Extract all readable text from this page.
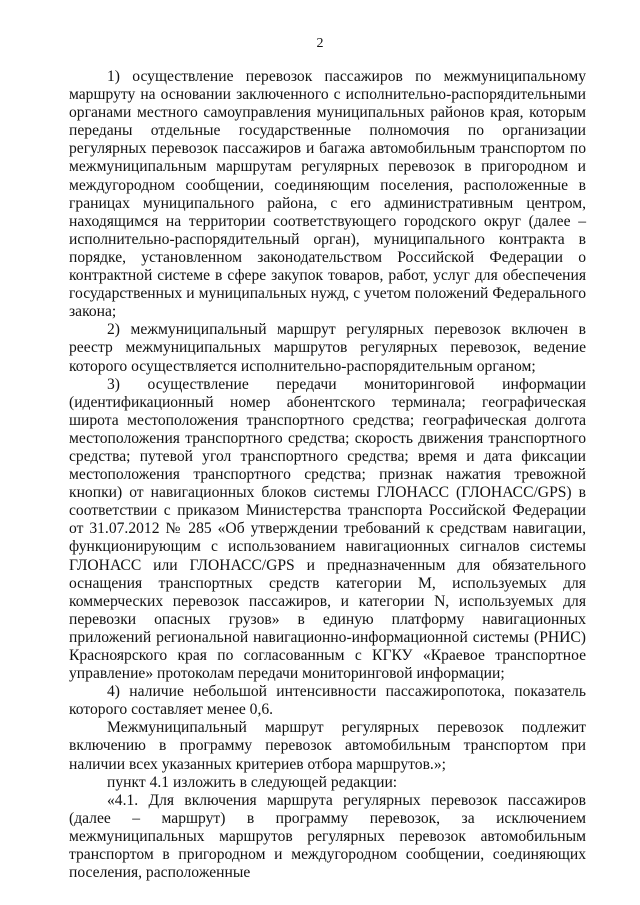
2

1) осуществление перевозок пассажиров по межмуниципальному маршруту на основании заключенного с исполнительно-распорядительными органами местного самоуправления муниципальных районов края, которым переданы отдельные государственные полномочия по организации регулярных перевозок пассажиров и багажа автомобильным транспортом по межмуниципальным маршрутам регулярных перевозок в пригородном и междугородном сообщении, соединяющим поселения, расположенные в границах муниципального района, с его административным центром, находящимся на территории соответствующего городского округ (далее – исполнительно-распорядительный орган), муниципального контракта в порядке, установленном законодательством Российской Федерации о контрактной системе в сфере закупок товаров, работ, услуг для обеспечения государственных и муниципальных нужд, с учетом положений Федерального закона;

2) межмуниципальный маршрут регулярных перевозок включен в реестр межмуниципальных маршрутов регулярных перевозок, ведение которого осуществляется исполнительно-распорядительным органом;

3) осуществление передачи мониторинговой информации (идентификационный номер абонентского терминала; географическая широта местоположения транспортного средства; географическая долгота местоположения транспортного средства; скорость движения транспортного средства; путевой угол транспортного средства; время и дата фиксации местоположения транспортного средства; признак нажатия тревожной кнопки) от навигационных блоков системы ГЛОНАСС (ГЛОНАСС/GPS) в соответствии с приказом Министерства транспорта Российской Федерации от 31.07.2012 № 285 «Об утверждении требований к средствам навигации, функционирующим с использованием навигационных сигналов системы ГЛОНАСС или ГЛОНАСС/GPS и предназначенным для обязательного оснащения транспортных средств категории М, используемых для коммерческих перевозок пассажиров, и категории N, используемых для перевозки опасных грузов» в единую платформу навигационных приложений региональной навигационно-информационной системы (РНИС) Красноярского края по согласованным с КГКУ «Краевое транспортное управление» протоколам передачи мониторинговой информации;

4) наличие небольшой интенсивности пассажиропотока, показатель которого составляет менее 0,6.

Межмуниципальный маршрут регулярных перевозок подлежит включению в программу перевозок автомобильным транспортом при наличии всех указанных критериев отбора маршрутов.»;

пункт 4.1 изложить в следующей редакции:

«4.1. Для включения маршрута регулярных перевозок пассажиров (далее – маршрут) в программу перевозок, за исключением межмуниципальных маршрутов регулярных перевозок автомобильным транспортом в пригородном и междугородном сообщении, соединяющих поселения, расположенные
